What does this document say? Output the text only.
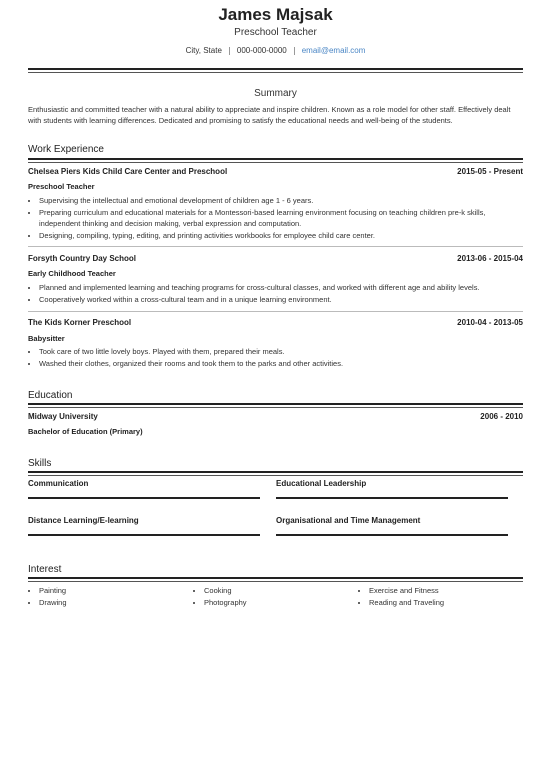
James Majsak
Preschool Teacher
City, State 000-000-0000 email@email.com
Summary
Enthusiastic and committed teacher with a natural ability to appreciate and inspire children. Known as a role model for other staff. Effectively dealt with students with learning differences. Dedicated and promising to satisfy the educational needs and well-being of the students.
Work Experience
Chelsea Piers Kids Child Care Center and Preschool	2015-05 - Present
Preschool Teacher
• Supervising the intellectual and emotional development of children age 1 - 6 years.
• Preparing curriculum and educational materials for a Montessori-based learning environment focusing on teaching children pre-k skills, independent thinking and decision making, verbal expression and computation.
• Designing, compiling, typing, editing, and printing activities workbooks for employee child care center.
Forsyth Country Day School	2013-06 - 2015-04
Early Childhood Teacher
• Planned and implemented learning and teaching programs for cross-cultural classes, and worked with different age and ability levels.
• Cooperatively worked within a cross-cultural team and in a unique learning environment.
The Kids Korner Preschool	2010-04 - 2013-05
Babysitter
• Took care of two little lovely boys. Played with them, prepared their meals.
• Washed their clothes, organized their rooms and took them to the parks and other activities.
Education
Midway University	2006 - 2010
Bachelor of Education (Primary)
Skills
Communication	Educational Leadership
Distance Learning/E-learning	Organisational and Time Management
Interest
• Painting
• Drawing
• Cooking
• Photography
• Exercise and Fitness
• Reading and Traveling
